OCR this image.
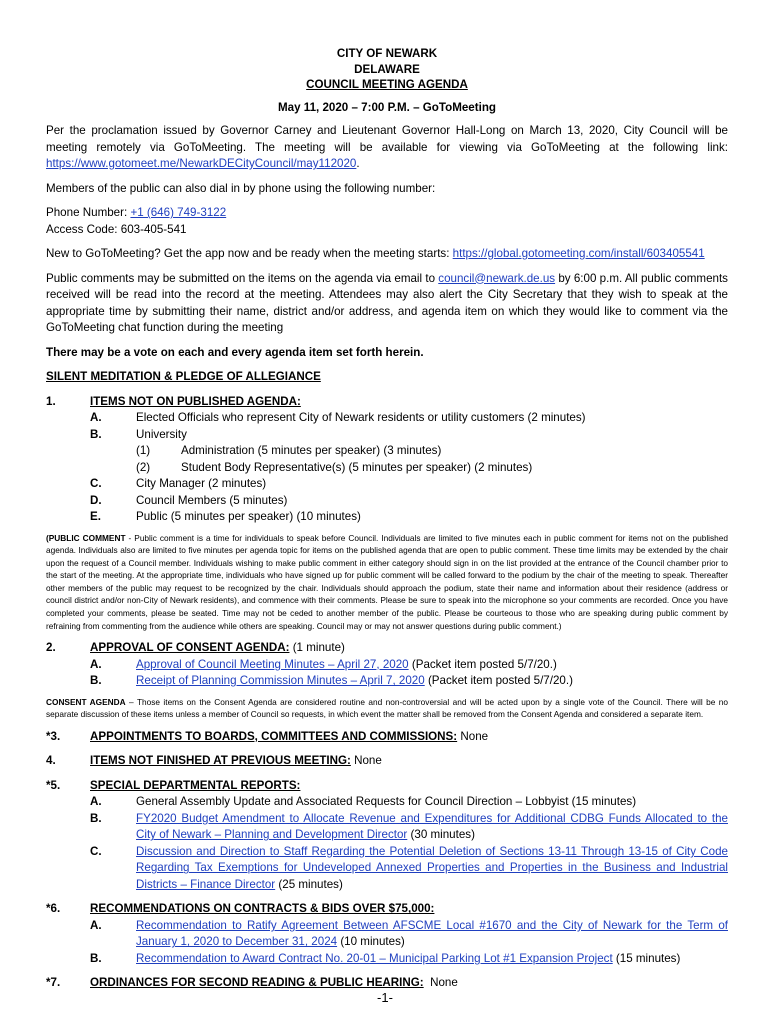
CITY OF NEWARK
DELAWARE
COUNCIL MEETING AGENDA
May 11, 2020 – 7:00 P.M. – GoToMeeting

Per the proclamation issued by Governor Carney and Lieutenant Governor Hall-Long on March 13, 2020, City Council will be meeting remotely via GoToMeeting. The meeting will be available for viewing via GoToMeeting at the following link: https://www.gotomeet.me/NewarkDECityCouncil/may112020.

Members of the public can also dial in by phone using the following number:

Phone Number: +1 (646) 749-3122
Access Code: 603-405-541

New to GoToMeeting? Get the app now and be ready when the meeting starts: https://global.gotomeeting.com/install/603405541

Public comments may be submitted on the items on the agenda via email to council@newark.de.us by 6:00 p.m. All public comments received will be read into the record at the meeting. Attendees may also alert the City Secretary that they wish to speak at the appropriate time by submitting their name, district and/or address, and agenda item on which they would like to comment via the GoToMeeting chat function during the meeting

There may be a vote on each and every agenda item set forth herein.

SILENT MEDITATION & PLEDGE OF ALLEGIANCE

1.	ITEMS NOT ON PUBLISHED AGENDA:
A.	Elected Officials who represent City of Newark residents or utility customers (2 minutes)
B.	University
(1)	Administration (5 minutes per speaker) (3 minutes)
(2)	Student Body Representative(s) (5 minutes per speaker) (2 minutes)
C.	City Manager (2 minutes)
D.	Council Members (5 minutes)
E.	Public (5 minutes per speaker) (10 minutes)

(PUBLIC COMMENT - Public comment is a time for individuals to speak before Council. Individuals are limited to five minutes each in public comment for items not on the published agenda. Individuals also are limited to five minutes per agenda topic for items on the published agenda that are open to public comment. These time limits may be extended by the chair upon the request of a Council member. Individuals wishing to make public comment in either category should sign in on the list provided at the entrance of the Council chamber prior to the start of the meeting. At the appropriate time, individuals who have signed up for public comment will be called forward to the podium by the chair of the meeting to speak. Thereafter other members of the public may request to be recognized by the chair. Individuals should approach the podium, state their name and information about their residence (address or council district and/or non-City of Newark residents), and commence with their comments. Please be sure to speak into the microphone so your comments are recorded. Once you have completed your comments, please be seated. Time may not be ceded to another member of the public. Please be courteous to those who are speaking during public comment by refraining from commenting from the audience while others are speaking. Council may or may not answer questions during public comment.)

2.	APPROVAL OF CONSENT AGENDA: (1 minute)
A.	Approval of Council Meeting Minutes – April 27, 2020 (Packet item posted 5/7/20.)
B.	Receipt of Planning Commission Minutes – April 7, 2020 (Packet item posted 5/7/20.)

CONSENT AGENDA – Those items on the Consent Agenda are considered routine and non-controversial and will be acted upon by a single vote of the Council. There will be no separate discussion of these items unless a member of Council so requests, in which event the matter shall be removed from the Consent Agenda and considered a separate item.

*3.	APPOINTMENTS TO BOARDS, COMMITTEES AND COMMISSIONS: None
4.	ITEMS NOT FINISHED AT PREVIOUS MEETING: None
*5.	SPECIAL DEPARTMENTAL REPORTS:
A.	General Assembly Update and Associated Requests for Council Direction – Lobbyist (15 minutes)
B.	FY2020 Budget Amendment to Allocate Revenue and Expenditures for Additional CDBG Funds Allocated to the City of Newark – Planning and Development Director (30 minutes)
C.	Discussion and Direction to Staff Regarding the Potential Deletion of Sections 13-11 Through 13-15 of City Code Regarding Tax Exemptions for Undeveloped Annexed Properties and Properties in the Business and Industrial Districts – Finance Director (25 minutes)
*6.	RECOMMENDATIONS ON CONTRACTS & BIDS OVER $75,000:
A.	Recommendation to Ratify Agreement Between AFSCME Local #1670 and the City of Newark for the Term of January 1, 2020 to December 31, 2024 (10 minutes)
B.	Recommendation to Award Contract No. 20-01 – Municipal Parking Lot #1 Expansion Project (15 minutes)
*7.	ORDINANCES FOR SECOND READING & PUBLIC HEARING:  None
-1-
